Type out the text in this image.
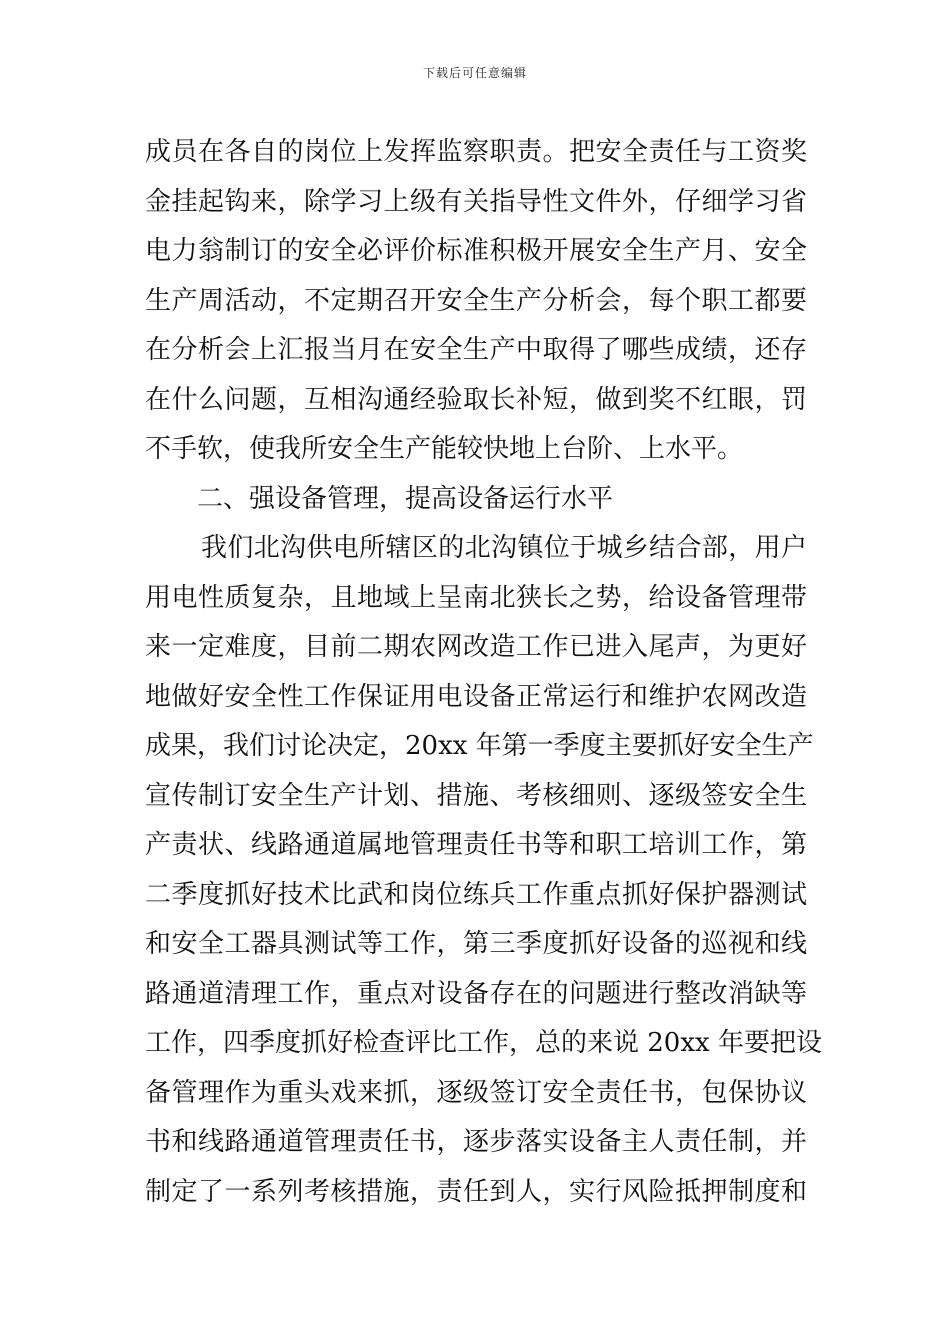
下载后可任意编辑
成员在各自的岗位上发挥监察职责。把安全责任与工资奖
金挂起钩来，除学习上级有关指导性文件外，仔细学习省
电力翁制订的安全必评价标准积极开展安全生产月、安全
生产周活动，不定期召开安全生产分析会，每个职工都要
在分析会上汇报当月在安全生产中取得了哪些成绩，还存
在什么问题，互相沟通经验取长补短，做到奖不红眼，罚
不手软，使我所安全生产能较快地上台阶、上水平。
二、强设备管理，提高设备运行水平
我们北沟供电所辖区的北沟镇位于城乡结合部，用户
用电性质复杂，且地域上呈南北狭长之势，给设备管理带
来一定难度，目前二期农网改造工作已进入尾声，为更好
地做好安全性工作保证用电设备正常运行和维护农网改造
成果，我们讨论决定，20xx 年第一季度主要抓好安全生产
宣传制订安全生产计划、措施、考核细则、逐级签安全生
产责状、线路通道属地管理责任书等和职工培训工作，第
二季度抓好技术比武和岗位练兵工作重点抓好保护器测试
和安全工器具测试等工作，第三季度抓好设备的巡视和线
路通道清理工作，重点对设备存在的问题进行整改消缺等
工作，四季度抓好检查评比工作，总的来说 20xx 年要把设
备管理作为重头戏来抓，逐级签订安全责任书，包保协议
书和线路通道管理责任书，逐步落实设备主人责任制，并
制定了一系列考核措施，责任到人，实行风险抵押制度和
